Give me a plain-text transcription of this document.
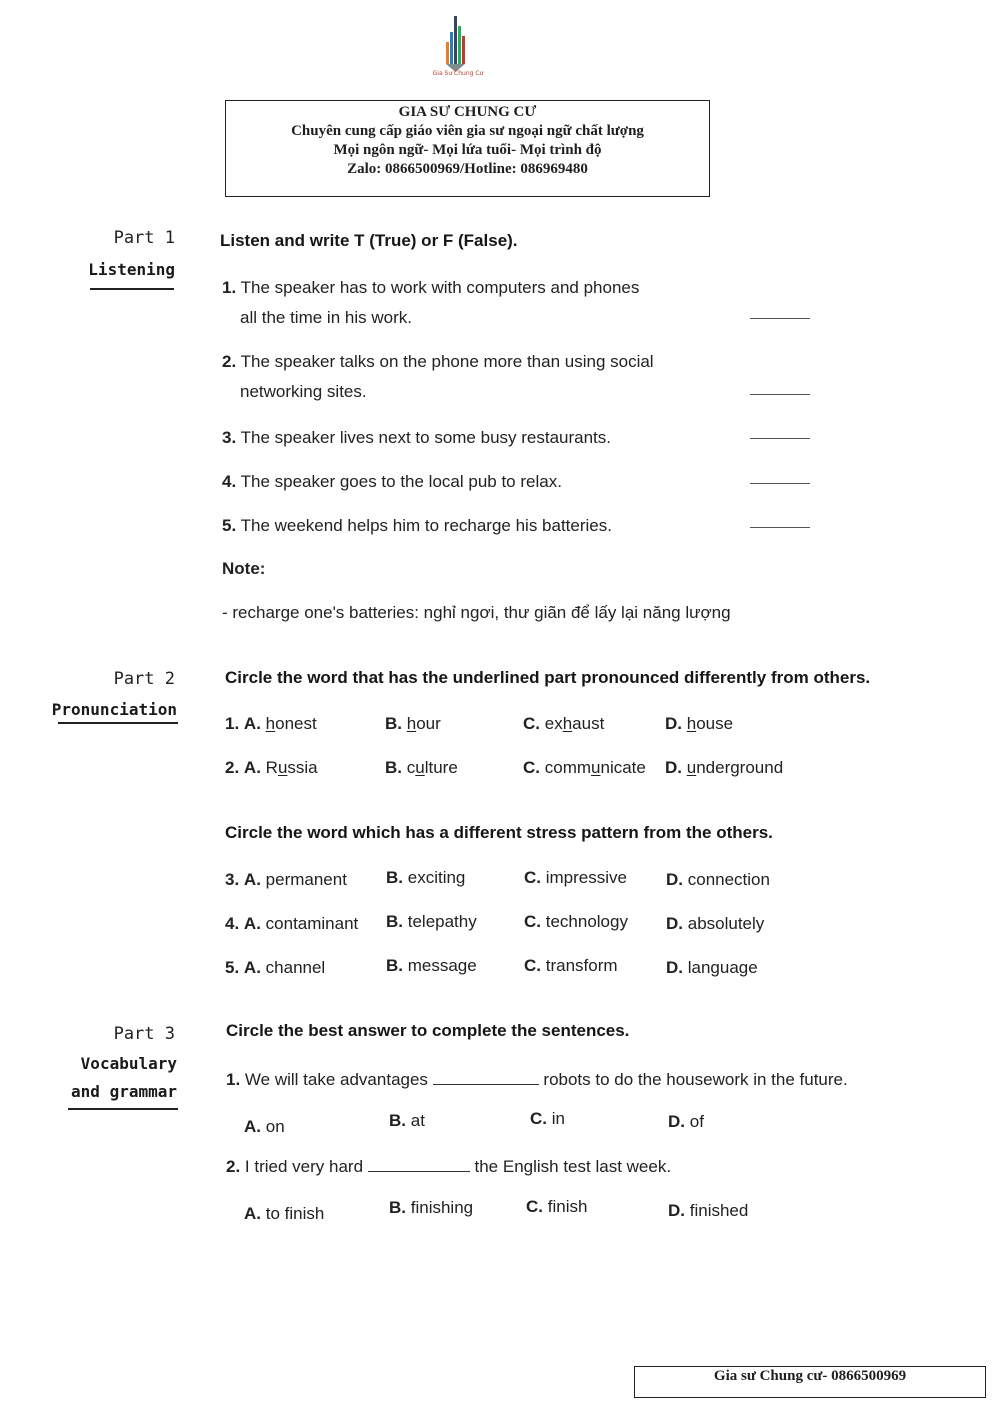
Gia Sư Chung Cư
GIA SƯ CHUNG CƯ
Chuyên cung cấp giáo viên gia sư ngoại ngữ chất lượng
Mọi ngôn ngữ- Mọi lứa tuổi- Mọi trình độ
Zalo: 0866500969/Hotline: 086969480
Part 1
Listening
Listen and write T (True) or F (False).
1. The speaker has to work with computers and phones
all the time in his work.
2. The speaker talks on the phone more than using social
networking sites.
3. The speaker lives next to some busy restaurants.
4. The speaker goes to the local pub to relax.
5. The weekend helps him to recharge his batteries.
Note:
- recharge one's batteries: nghỉ ngơi, thư giãn để lấy lại năng lượng
Part 2
Pronunciation
Circle the word that has the underlined part pronounced differently from others.
1. A. honest	B. hour	C. exhaust	D. house
2. A. Russia	B. culture	C. communicate D. underground
Circle the word which has a different stress pattern from the others.
3. A. permanent B. exciting	C. impressive D. connection
4. A. contaminant B. telepathy	C. technology D. absolutely
5. A. channel	B. message	C. transform	D. language
Part 3
Vocabulary
and grammar
Circle the best answer to complete the sentences.
1. We will take advantages	robots to do the housework in the future.
A. on	B. at	C. in	D. of
2. I tried very hard	the English test last week.
A. to finish	B. finishing	C. finish	D. finished
Gia sư Chung cư- 0866500969
